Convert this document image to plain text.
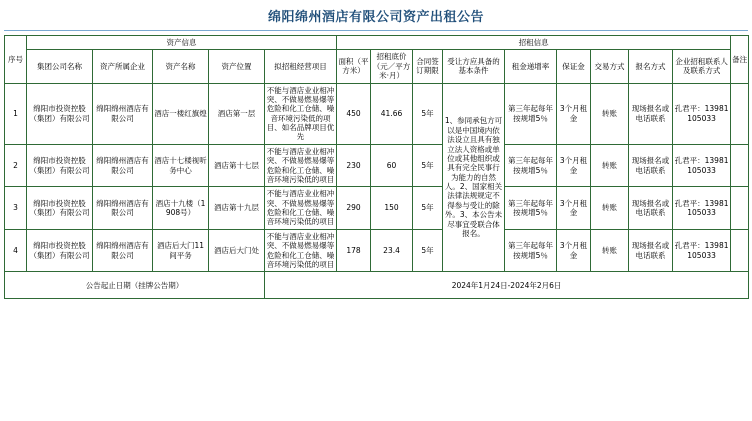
绵阳绵州酒店有限公司资产出租公告
序号	资产信息					招租信息									备注
	集团公司名称	资产所属企业	资产名称	资产位置	拟招租经营项目	面积（平方米）	招租底价（元／平方米·月）	合同签订期限	受让方应具备的基本条件	租金递增率	保证金	交易方式	报名方式	企业招租联系人及联系方式	

1	绵阳市投资控股（集团）有限公司	绵阳绵州酒店有限公司	酒店一楼红旗煌	酒店第一层	不能与酒店业业相冲突、不做易燃易爆等危险和化工仓储、噪音环境污染低的项目、如名品牌项目优先	450	41.66	5年	1、参同承包方可以是中国境内依法设立且具有独立法人资格或单位或其他组织或具有完全民事行为能力的自然人。2、国家相关法律法规规定不得参与受让的除外。3、本公告未尽事宜受联合体报名。	第三年起每年按规增5％	3个月租金	转账	现场报名或电话联系	孔君平：13981105033	
2	绵阳市投资控股（集团）有限公司	绵阳绵州酒店有限公司	酒店十七楼视听务中心	酒店第十七层	不能与酒店业业相冲突、不做易燃易爆等危险和化工仓储、噪音环境污染低的项目	230	60	5年		第三年起每年按规增5％	3个月租金	转账	现场报名或电话联系	孔君平：13981105033	
3	绵阳市投资控股（集团）有限公司	绵阳绵州酒店有限公司	酒店十九楼（1908号）	酒店第十九层	不能与酒店业业相冲突、不做易燃易爆等危险和化工仓储、噪音环境污染低的项目	290	150	5年		第三年起每年按规增5％	3个月租金	转账	现场报名或电话联系	孔君平：13981105033	
4	绵阳市投资控股（集团）有限公司	绵阳绵州酒店有限公司	酒店后大门11间平务	酒店后大门处	不能与酒店业业相冲突、不做易燃易爆等危险和化工仓储、噪音环境污染低的项目	178	23.4	5年		第三年起每年按规增5％	3个月租金	转账	现场报名或电话联系	孔君平：13981105033	
公告起止日期（挂牌公告期）					2024年1月24日-2024年2月6日										
